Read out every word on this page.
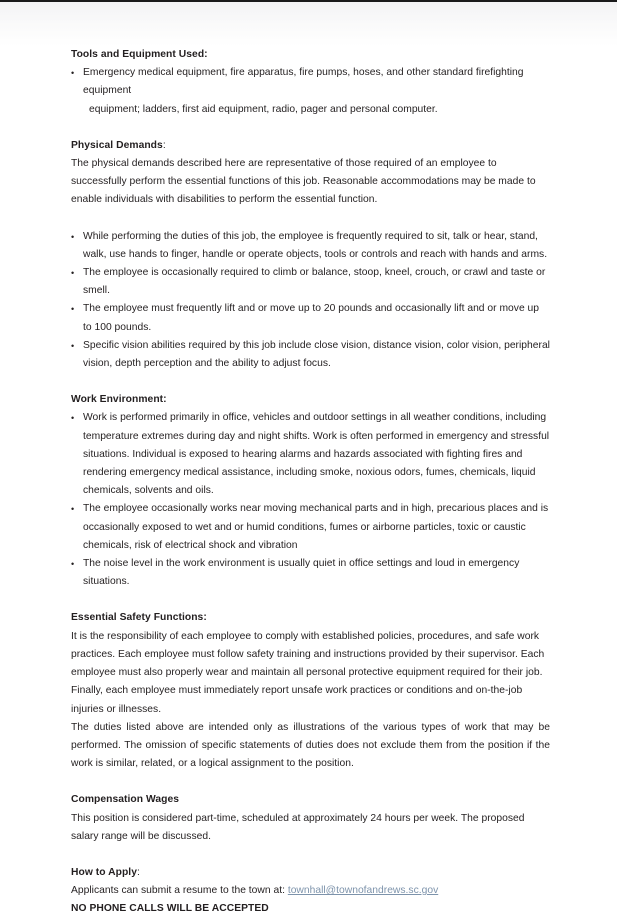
Tools and Equipment Used:

• Emergency medical equipment, fire apparatus, fire pumps, hoses, and other standard firefighting equipment

equipment; ladders, first aid equipment, radio, pager and personal computer.

Physical Demands:

The physical demands described here are representative of those required of an employee to successfully perform the essential functions of this job. Reasonable accommodations may be made to enable individuals with disabilities to perform the essential function.

• While performing the duties of this job, the employee is frequently required to sit, talk or hear, stand, walk, use hands to finger, handle or operate objects, tools or controls and reach with hands and arms.
• The employee is occasionally required to climb or balance, stoop, kneel, crouch, or crawl and taste or smell.
• The employee must frequently lift and or move up to 20 pounds and occasionally lift and or move up to 100 pounds.
• Specific vision abilities required by this job include close vision, distance vision, color vision, peripheral vision, depth perception and the ability to adjust focus.

Work Environment:

• Work is performed primarily in office, vehicles and outdoor settings in all weather conditions, including temperature extremes during day and night shifts. Work is often performed in emergency and stressful situations. Individual is exposed to hearing alarms and hazards associated with fighting fires and rendering emergency medical assistance, including smoke, noxious odors, fumes, chemicals, liquid chemicals, solvents and oils.
• The employee occasionally works near moving mechanical parts and in high, precarious places and is occasionally exposed to wet and or humid conditions, fumes or airborne particles, toxic or caustic chemicals, risk of electrical shock and vibration
• The noise level in the work environment is usually quiet in office settings and loud in emergency situations.

Essential Safety Functions:

It is the responsibility of each employee to comply with established policies, procedures, and safe work practices. Each employee must follow safety training and instructions provided by their supervisor. Each employee must also properly wear and maintain all personal protective equipment required for their job. Finally, each employee must immediately report unsafe work practices or conditions and on-the-job injuries or illnesses.

The duties listed above are intended only as illustrations of the various types of work that may be performed. The omission of specific statements of duties does not exclude them from the position if the work is similar, related, or a logical assignment to the position.

Compensation Wages

This position is considered part-time, scheduled at approximately 24 hours per week. The proposed salary range will be discussed.

How to Apply:

Applicants can submit a resume to the town at: townhall@townofandrews.sc.gov

NO PHONE CALLS WILL BE ACCEPTED
